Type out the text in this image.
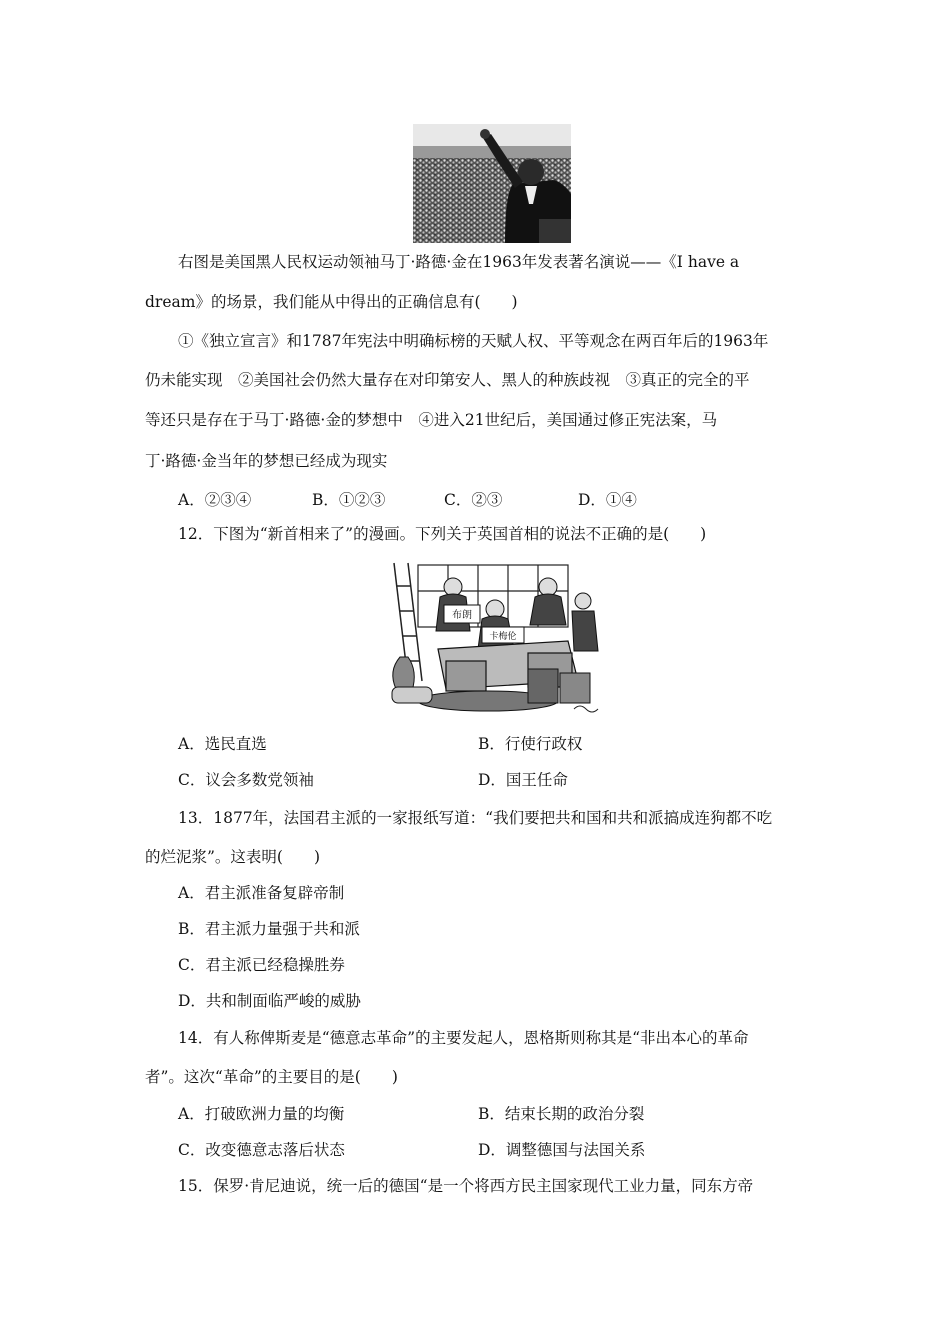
右图是美国黑人民权运动领袖马丁·路德·金在1963年发表著名演说——《Ⅰ have a
dream》的场景，我们能从中得出的正确信息有(　　)
①《独立宣言》和1787年宪法中明确标榜的天赋人权、平等观念在两百年后的1963年
仍未能实现　②美国社会仍然大量存在对印第安人、黑人的种族歧视　③真正的完全的平
等还只是存在于马丁·路德·金的梦想中　④进入21世纪后，美国通过修正宪法案，马
丁·路德·金当年的梦想已经成为现实
A．②③④	B．①②③	C．②③	D．①④
12．下图为“新首相来了”的漫画。下列关于英国首相的说法不正确的是(　　)
布朗
卡梅伦
A．选民直选	B．行使行政权
C．议会多数党领袖	D．国王任命
13．1877年，法国君主派的一家报纸写道：“我们要把共和国和共和派搞成连狗都不吃
的烂泥浆”。这表明(　　)
A．君主派准备复辟帝制
B．君主派力量强于共和派
C．君主派已经稳操胜券
D．共和制面临严峻的威胁
14．有人称俾斯麦是“德意志革命”的主要发起人，恩格斯则称其是“非出本心的革命
者”。这次“革命”的主要目的是(　　)
A．打破欧洲力量的均衡	B．结束长期的政治分裂
C．改变德意志落后状态	D．调整德国与法国关系
15．保罗·肯尼迪说，统一后的德国“是一个将西方民主国家现代工业力量，同东方帝
